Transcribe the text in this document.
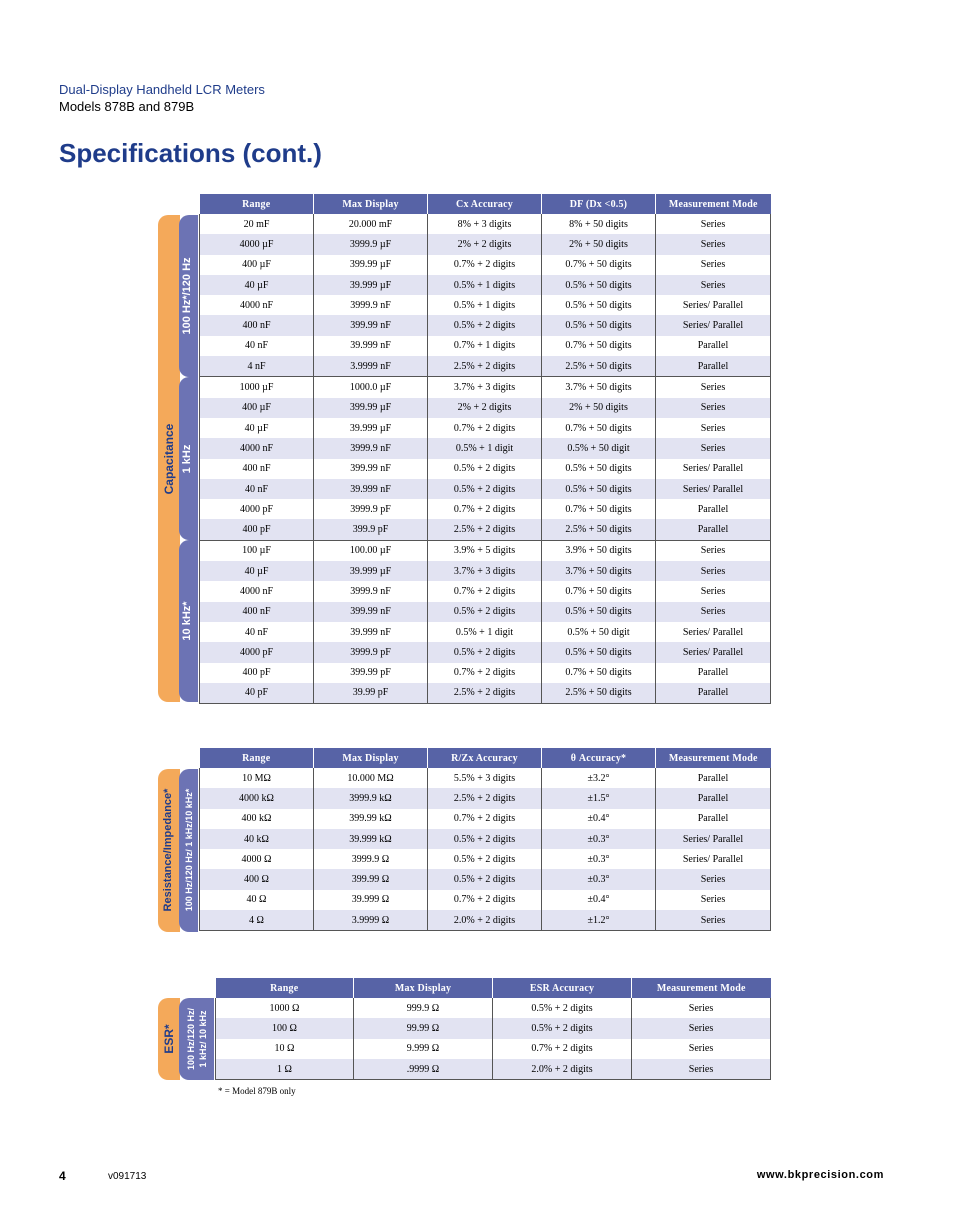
Dual-Display Handheld LCR Meters
Models 878B and 879B
Specifications (cont.)
Capacitance
100 Hz*/120 Hz
1 kHz
10 kHz*
Range	Max Display	Cx Accuracy	DF (Dx <0.5)	Measurement Mode
20 mF	20.000 mF	8% + 3 digits	8% + 50 digits	Series
4000 µF	3999.9 µF	2% + 2 digits	2% + 50 digits	Series
400 µF	399.99 µF	0.7% + 2 digits	0.7% + 50 digits	Series
40 µF	39.999 µF	0.5% + 1 digits	0.5% + 50 digits	Series
4000 nF	3999.9 nF	0.5% + 1 digits	0.5% + 50 digits	Series/ Parallel
400 nF	399.99 nF	0.5% + 2 digits	0.5% + 50 digits	Series/ Parallel
40 nF	39.999 nF	0.7% + 1 digits	0.7% + 50 digits	Parallel
4 nF	3.9999 nF	2.5% + 2 digits	2.5% + 50 digits	Parallel
1000 µF	1000.0 µF	3.7% + 3 digits	3.7% + 50 digits	Series
400 µF	399.99 µF	2% + 2 digits	2% + 50 digits	Series
40 µF	39.999 µF	0.7% + 2 digits	0.7% + 50 digits	Series
4000 nF	3999.9 nF	0.5% + 1 digit	0.5% + 50 digit	Series
400 nF	399.99 nF	0.5% + 2 digits	0.5% + 50 digits	Series/ Parallel
40 nF	39.999 nF	0.5% + 2 digits	0.5% + 50 digits	Series/ Parallel
4000 pF	3999.9 pF	0.7% + 2 digits	0.7% + 50 digits	Parallel
400 pF	399.9 pF	2.5% + 2 digits	2.5% + 50 digits	Parallel
100 µF	100.00 µF	3.9% + 5 digits	3.9% + 50 digits	Series
40 µF	39.999 µF	3.7% + 3 digits	3.7% + 50 digits	Series
4000 nF	3999.9 nF	0.7% + 2 digits	0.7% + 50 digits	Series
400 nF	399.99 nF	0.5% + 2 digits	0.5% + 50 digits	Series
40 nF	39.999 nF	0.5% + 1 digit	0.5% + 50 digit	Series/ Parallel
4000 pF	3999.9 pF	0.5% + 2 digits	0.5% + 50 digits	Series/ Parallel
400 pF	399.99 pF	0.7% + 2 digits	0.7% + 50 digits	Parallel
40 pF	39.99 pF	2.5% + 2 digits	2.5% + 50 digits	Parallel
Resistance/Impedance* 100 Hz/120 Hz/ 1 kHz/10 kHz*
Range	Max Display	R/Zx Accuracy	θ Accuracy*	Measurement Mode
10 MΩ	10.000 MΩ	5.5% + 3 digits	±3.2°	Parallel
4000 kΩ	3999.9 kΩ	2.5% + 2 digits	±1.5°	Parallel
400 kΩ	399.99 kΩ	0.7% + 2 digits	±0.4°	Parallel
40 kΩ	39.999 kΩ	0.5% + 2 digits	±0.3°	Series/ Parallel
4000 Ω	3999.9 Ω	0.5% + 2 digits	±0.3°	Series/ Parallel
400 Ω	399.99 Ω	0.5% + 2 digits	±0.3°	Series
40 Ω	39.999 Ω	0.7% + 2 digits	±0.4°	Series
4 Ω	3.9999 Ω	2.0% + 2 digits	±1.2°	Series
ESR* 100 Hz/120 Hz/ 1 kHz/ 10 kHz
Range	Max Display	ESR Accuracy	Measurement Mode
1000 Ω	999.9 Ω	0.5% + 2 digits	Series
100 Ω	99.99 Ω	0.5% + 2 digits	Series
10 Ω	9.999 Ω	0.7% + 2 digits	Series
1 Ω	.9999 Ω	2.0% + 2 digits	Series
* = Model 879B only
4	v091713	www.bkprecision.com
